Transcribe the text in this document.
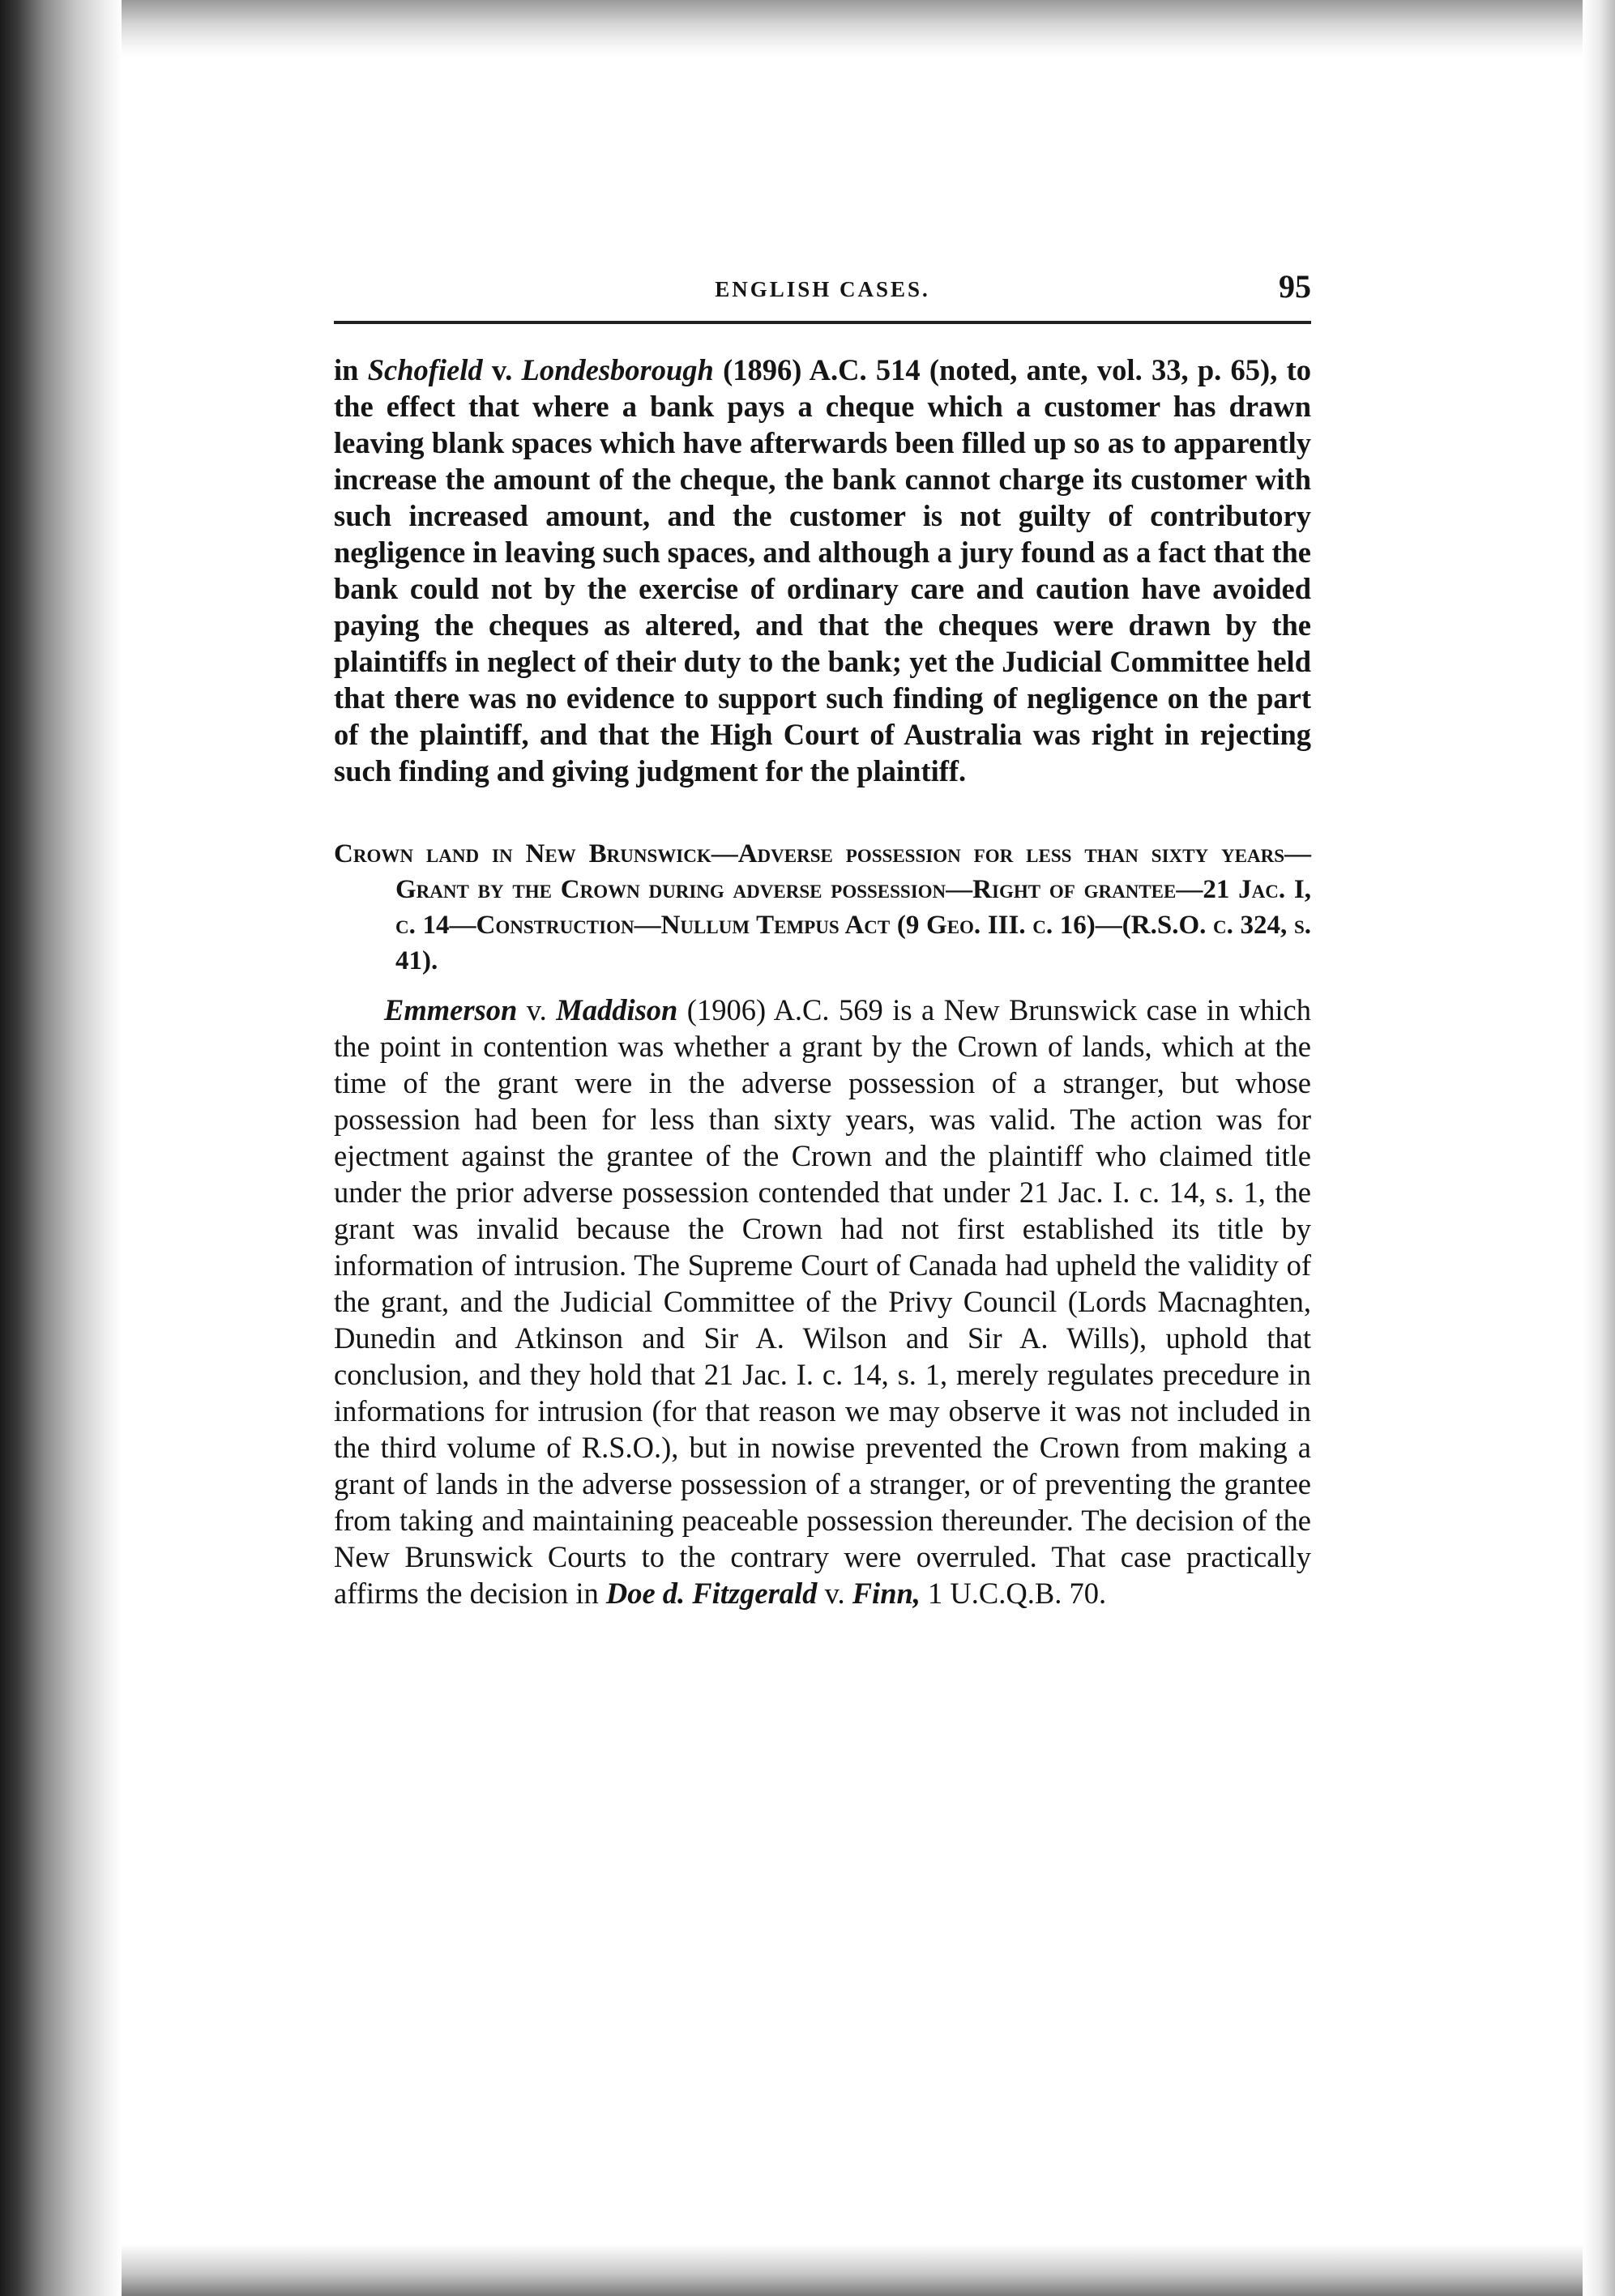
ENGLISH CASES.	95

in Schofield v. Londesborough (1896) A.C. 514 (noted, ante, vol. 33, p. 65), to the effect that where a bank pays a cheque which a customer has drawn leaving blank spaces which have afterwards been filled up so as to apparently increase the amount of the cheque, the bank cannot charge its customer with such increased amount, and the customer is not guilty of contributory negligence in leaving such spaces, and although a jury found as a fact that the bank could not by the exercise of ordinary care and caution have avoided paying the cheques as altered, and that the cheques were drawn by the plaintiffs in neglect of their duty to the bank; yet the Judicial Committee held that there was no evidence to support such finding of negligence on the part of the plaintiff, and that the High Court of Australia was right in rejecting such finding and giving judgment for the plaintiff.

Crown land in New Brunswick—Adverse possession for less than sixty years—Grant by the Crown during adverse possession—Right of grantee—21 Jac. I, c. 14—Construction—Nullum Tempus Act (9 Geo. III. c. 16)—(R.S.O. c. 324, s. 41).

Emmerson v. Maddison (1906) A.C. 569 is a New Brunswick case in which the point in contention was whether a grant by the Crown of lands, which at the time of the grant were in the adverse possession of a stranger, but whose possession had been for less than sixty years, was valid. The action was for ejectment against the grantee of the Crown and the plaintiff who claimed title under the prior adverse possession contended that under 21 Jac. I. c. 14, s. 1, the grant was invalid because the Crown had not first established its title by information of intrusion. The Supreme Court of Canada had upheld the validity of the grant, and the Judicial Committee of the Privy Council (Lords Macnaghten, Dunedin and Atkinson and Sir A. Wilson and Sir A. Wills), uphold that conclusion, and they hold that 21 Jac. I. c. 14, s. 1, merely regulates precedure in informations for intrusion (for that reason we may observe it was not included in the third volume of R.S.O.), but in nowise prevented the Crown from making a grant of lands in the adverse possession of a stranger, or of preventing the grantee from taking and maintaining peaceable possession thereunder. The decision of the New Brunswick Courts to the contrary were overruled. That case practically affirms the decision in Doe d. Fitzgerald v. Finn, 1 U.C.Q.B. 70.
